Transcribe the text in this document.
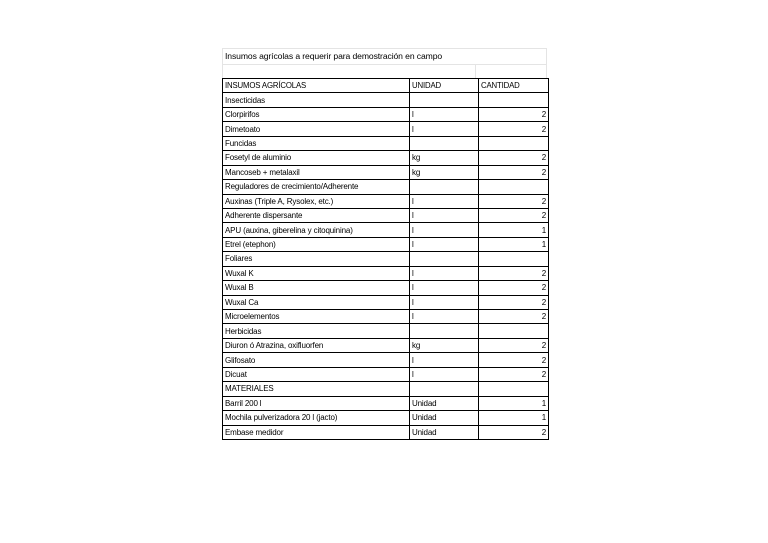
Insumos agrícolas a requerir para demostración en campo
INSUMOS AGRÍCOLAS	UNIDAD	CANTIDAD
Insecticidas		
Clorpirifos	l	2
Dimetoato	l	2
Funcidas		
Fosetyl de aluminio	kg	2
Mancoseb + metalaxil	kg	2
Reguladores de crecimiento/Adherente		
Auxinas (Triple A, Rysolex, etc.)	l	2
Adherente dispersante	l	2
APU (auxina, giberelina y citoquinina)	l	1
Etrel (etephon)	l	1
Foliares		
Wuxal K	l	2
Wuxal B	l	2
Wuxal Ca	l	2
Microelementos	l	2
Herbicidas		
Diuron ó Atrazina, oxifluorfen	kg	2
Glifosato	l	2
Dicuat	l	2
MATERIALES		
Barril 200 l	Unidad	1
Mochila pulverizadora 20 l (jacto)	Unidad	1
Embase medidor	Unidad	2
